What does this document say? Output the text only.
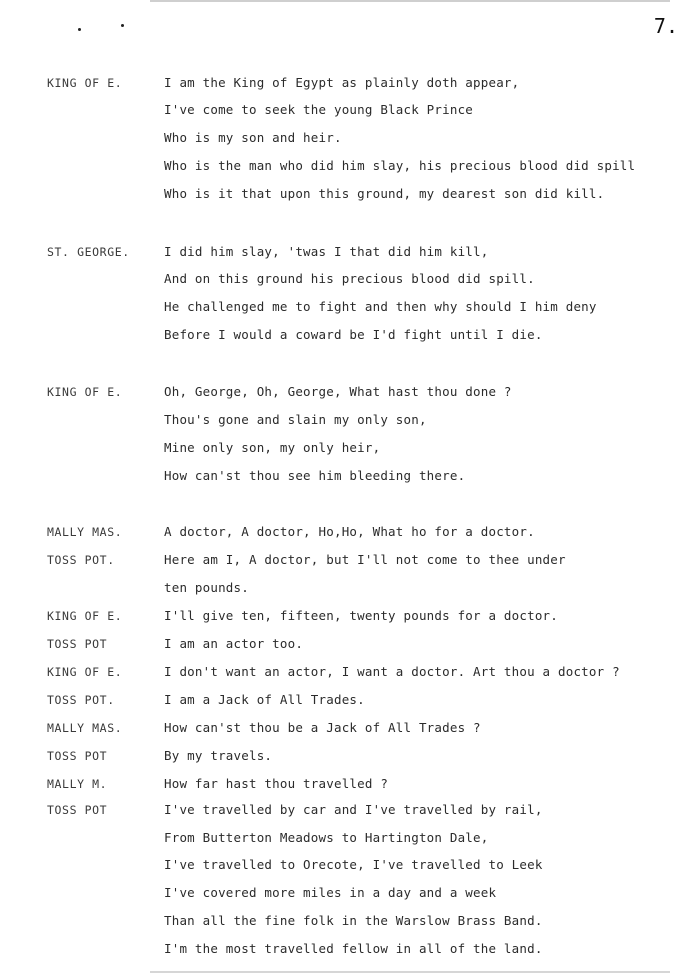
7.
KING OF E.	I am the King of Egypt as plainly doth appear,
I've come to seek the young Black Prince
Who is my son and heir.
Who is the man who did him slay, his precious blood did spill
Who is it that upon this ground, my dearest son did kill.
ST. GEORGE.	I did him slay, 'twas I that did him kill,
And on this ground his precious blood did spill.
He challenged me to fight and then why should I him deny
Before I would a coward be I'd fight until I die.
KING OF E.	Oh, George, Oh, George, What hast thou done ?
Thou's gone and slain my only son,
Mine only son, my only heir,
How can'st thou see him bleeding there.
MALLY MAS.	A doctor, A doctor, Ho,Ho, What ho for a doctor.
TOSS POT.	Here am I, A doctor, but I'll not come to thee under
ten pounds.
KING OF E.	I'll give ten, fifteen, twenty pounds for a doctor.
TOSS POT	I am an actor too.
KING OF E.	I don't want an actor, I want a doctor. Art thou a doctor ?
TOSS POT.	I am a Jack of All Trades.
MALLY MAS.	How can'st thou be a Jack of All Trades ?
TOSS POT	By my travels.
MALLY M.	How far hast thou travelled ?
TOSS POT	I've travelled by car and I've travelled by rail,
From Butterton Meadows to Hartington Dale,
I've travelled to Orecote, I've travelled to Leek
I've covered more miles in a day and a week
Than all the fine folk in the Warslow Brass Band.
I'm the most travelled fellow in all of the land.
